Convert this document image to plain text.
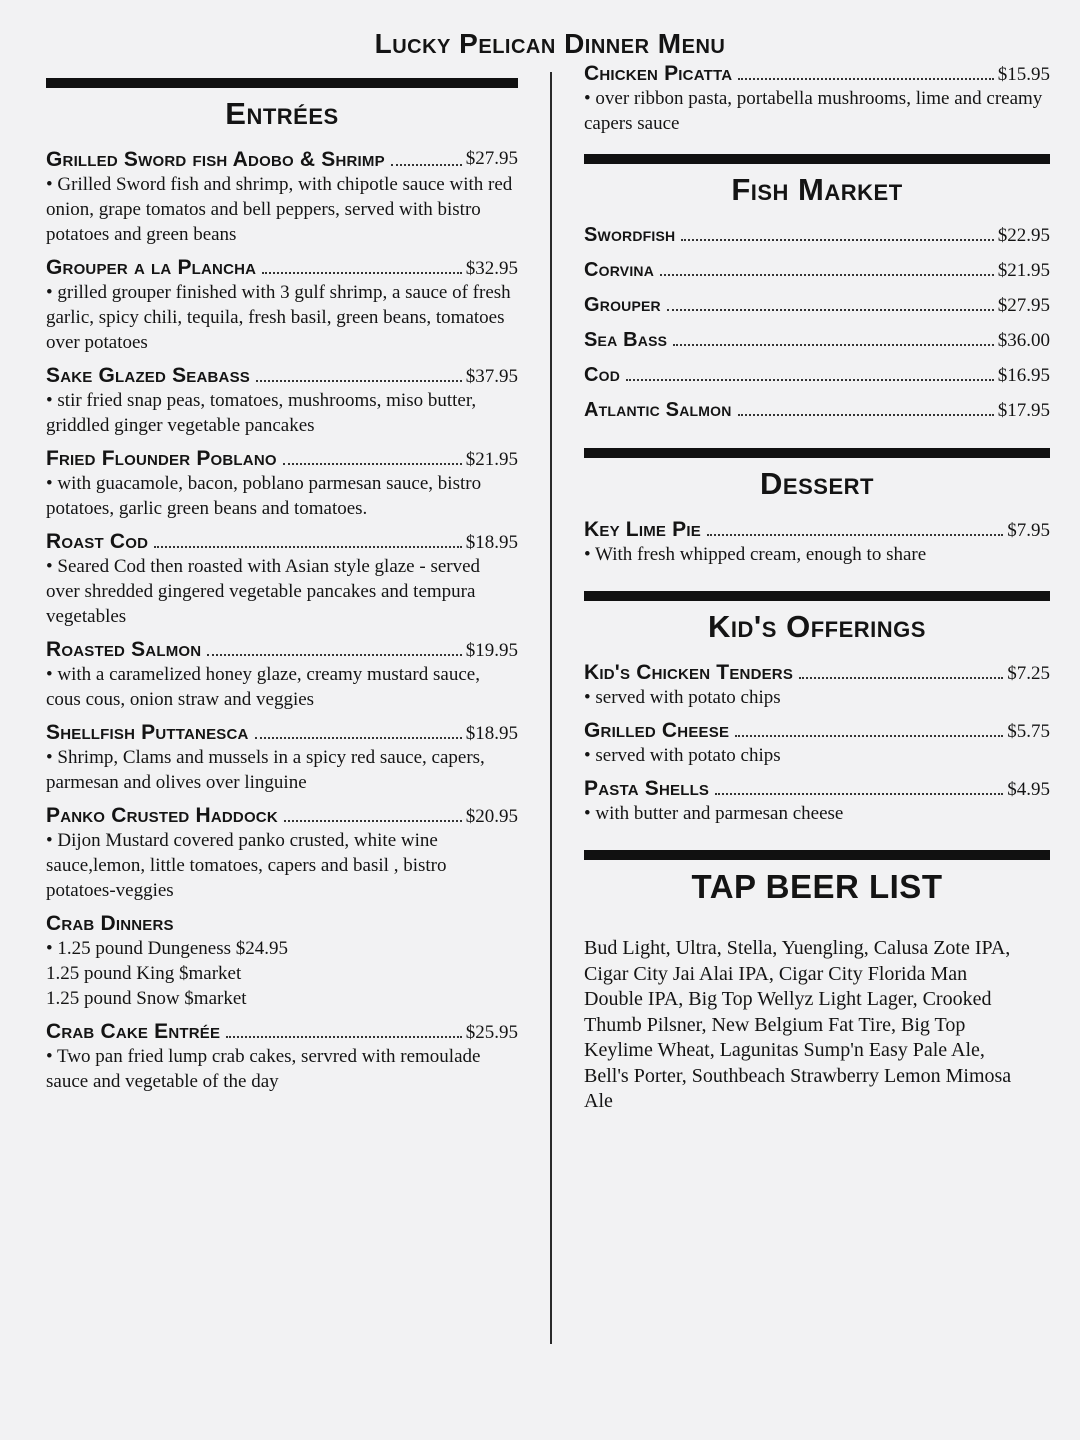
Lucky Pelican Dinner Menu
Entrées
Grilled Sword fish Adobo & Shrimp	$27.95
• Grilled Sword fish and shrimp, with chipotle sauce with red onion, grape tomatos and bell peppers, served with bistro potatoes and green beans
Grouper a la Plancha	$32.95
• grilled grouper finished with 3 gulf shrimp, a sauce of fresh garlic, spicy chili, tequila, fresh basil, green beans, tomatoes over potatoes
Sake Glazed Seabass	$37.95
• stir fried snap peas, tomatoes, mushrooms, miso butter, griddled ginger vegetable pancakes
Fried Flounder Poblano	$21.95
• with guacamole, bacon, poblano parmesan sauce, bistro potatoes, garlic green beans and tomatoes.
Roast Cod	$18.95
• Seared Cod then roasted with Asian style glaze - served over shredded gingered vegetable pancakes and tempura vegetables
Roasted Salmon	$19.95
• with a caramelized honey glaze, creamy mustard sauce, cous cous, onion straw and veggies
Shellfish Puttanesca	$18.95
• Shrimp, Clams and mussels in a spicy red sauce, capers, parmesan and olives over linguine
Panko Crusted Haddock	$20.95
• Dijon Mustard covered panko crusted, white wine sauce,lemon, little tomatoes, capers and basil , bistro potatoes-veggies
Crab Dinners
• 1.25 pound Dungeness $24.95
1.25 pound King $market
1.25 pound Snow $market
Crab Cake Entrée	$25.95
• Two pan fried lump crab cakes, servred with remoulade sauce and vegetable of the day
Chicken Picatta	$15.95
• over ribbon pasta, portabella mushrooms, lime and creamy capers sauce
Fish Market
Swordfish	$22.95
Corvina	$21.95
Grouper	$27.95
Sea Bass	$36.00
Cod	$16.95
Atlantic Salmon	$17.95
Dessert
Key Lime Pie	$7.95
• With fresh whipped cream, enough to share
Kid's Offerings
Kid's Chicken Tenders	$7.25
• served with potato chips
Grilled Cheese	$5.75
• served with potato chips
Pasta Shells	$4.95
• with butter and parmesan cheese
TAP BEER LIST
Bud Light, Ultra, Stella, Yuengling, Calusa Zote IPA, Cigar City Jai Alai IPA, Cigar City Florida Man Double IPA, Big Top Wellyz Light Lager, Crooked Thumb Pilsner, New Belgium Fat Tire, Big Top Keylime Wheat, Lagunitas Sump'n Easy Pale Ale, Bell's Porter, Southbeach Strawberry Lemon Mimosa Ale
